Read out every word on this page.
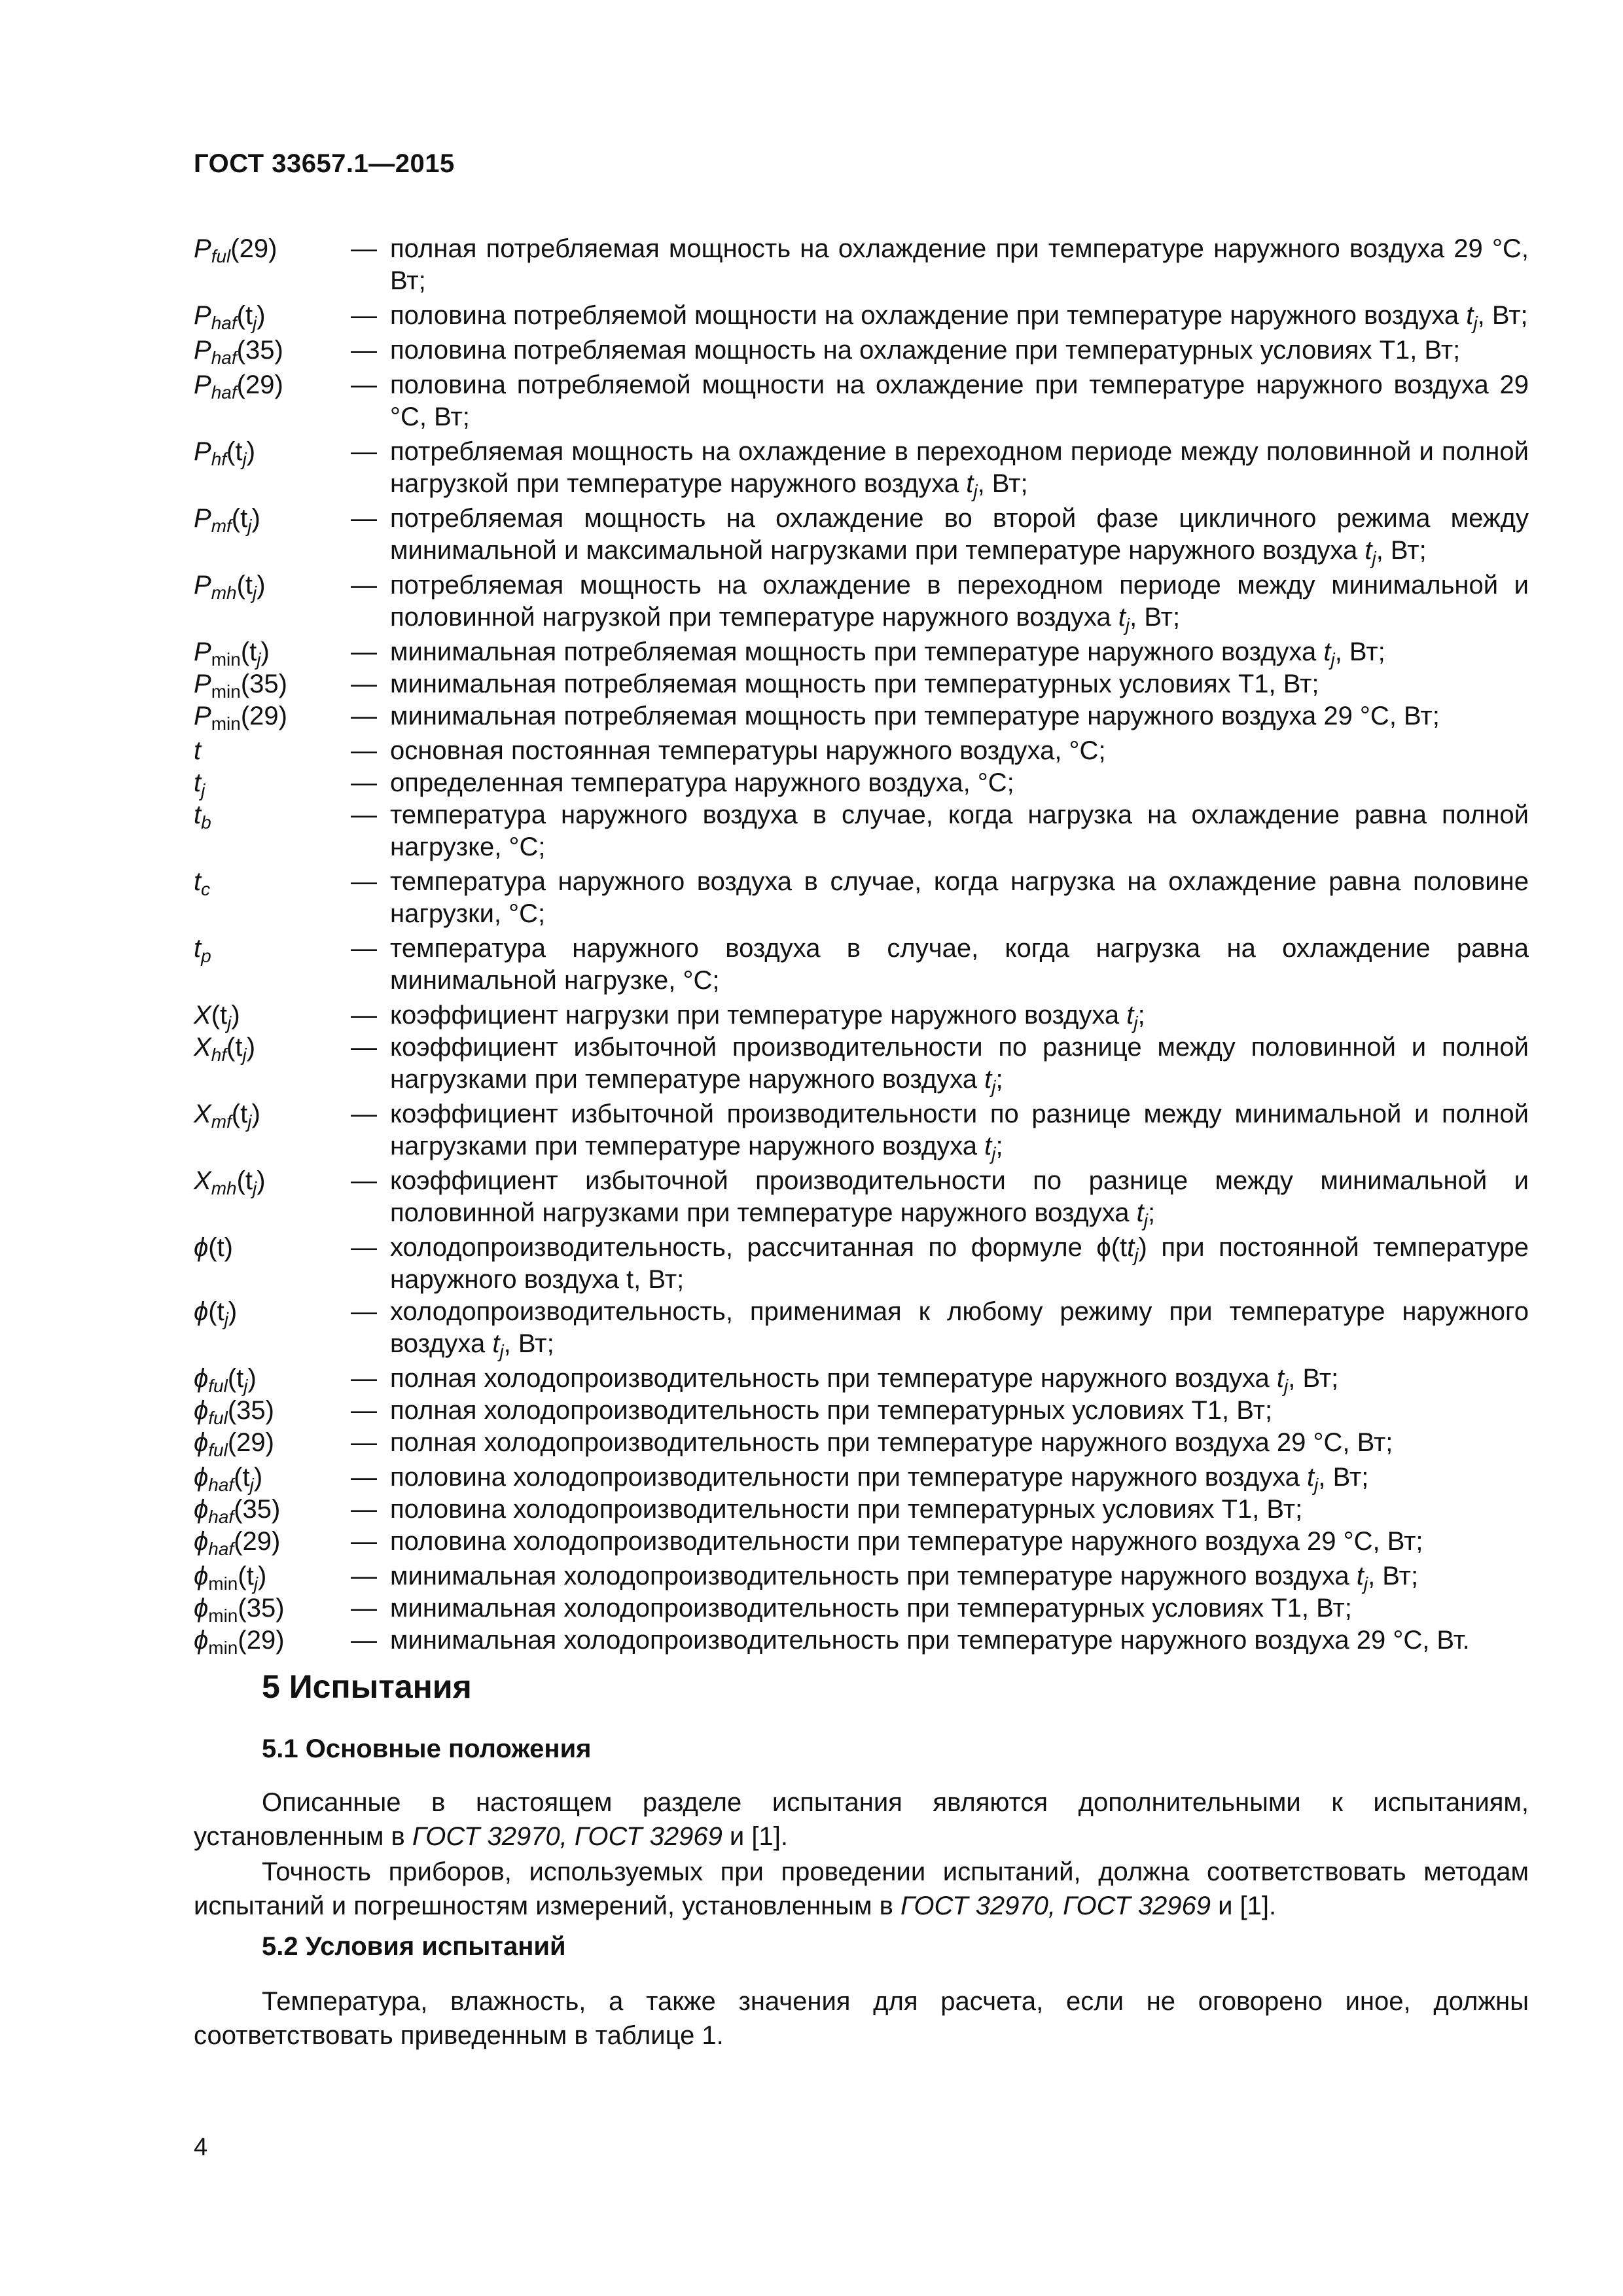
ГОСТ 33657.1—2015
$P_{ful}(29)$	— полная потребляемая мощность на охлаждение при температуре наружного воздуха 29 °С, Вт;
$P_{haf}(t_j)$	— половина потребляемой мощности на охлаждение при температуре наружного воздуха $t_j$, Вт;
$P_{haf}(35)$	— половина потребляемая мощность на охлаждение при температурных условиях Т1, Вт;
$P_{haf}(29)$	— половина потребляемой мощности на охлаждение при температуре наружного воздуха 29 °С, Вт;
$P_{hf}(t_j)$	— потребляемая мощность на охлаждение в переходном периоде между половинной и полной нагрузкой при температуре наружного воздуха $t_j$, Вт;
$P_{mf}(t_j)$	— потребляемая мощность на охлаждение во второй фазе цикличного режима между минимальной и максимальной нагрузками при температуре наружного воздуха $t_j$, Вт;
$P_{mh}(t_j)$	— потребляемая мощность на охлаждение в переходном периоде между минимальной и половинной нагрузкой при температуре наружного воздуха $t_j$, Вт;
$P_{min}(t_j)$	— минимальная потребляемая мощность при температуре наружного воздуха $t_j$, Вт;
$P_{min}(35)$	— минимальная потребляемая мощность при температурных условиях Т1, Вт;
$P_{min}(29)$	— минимальная потребляемая мощность при температуре наружного воздуха 29 °С, Вт;
t	— основная постоянная температуры наружного воздуха, °С;
$t_j$	— определенная температура наружного воздуха, °С;
$t_b$	— температура наружного воздуха в случае, когда нагрузка на охлаждение равна полной нагрузке, °С;
$t_c$	— температура наружного воздуха в случае, когда нагрузка на охлаждение равна половине нагрузки, °С;
$t_p$	— температура наружного воздуха в случае, когда нагрузка на охлаждение равна минимальной нагрузке, °С;
$X(t_j)$	— коэффициент нагрузки при температуре наружного воздуха $t_j$;
$X_{hf}(t_j)$	— коэффициент избыточной производительности по разнице между половинной и полной нагрузками при температуре наружного воздуха $t_j$;
$X_{mf}(t_j)$	— коэффициент избыточной производительности по разнице между минимальной и полной нагрузками при температуре наружного воздуха $t_j$;
$X_{mh}(t_j)$	— коэффициент избыточной производительности по разнице между минимальной и половинной нагрузками при температуре наружного воздуха $t_j$;
ϕ(t)	— холодопроизводительность, рассчитанная по формуле $\phi(tt_j)$ при постоянной температуре наружного воздуха t, Вт;
$\phi(t_j)$	— холодопроизводительность, применимая к любому режиму при температуре наружного воздуха $t_j$, Вт;
$\phi_{ful}(t_j)$	— полная холодопроизводительность при температуре наружного воздуха $t_j$, Вт;
$\phi_{ful}(35)$	— полная холодопроизводительность при температурных условиях Т1, Вт;
$\phi_{ful}(29)$	— полная холодопроизводительность при температуре наружного воздуха 29 °С, Вт;
$\phi_{haf}(t_j)$	— половина холодопроизводительности при температуре наружного воздуха $t_j$, Вт;
$\phi_{haf}(35)$	— половина холодопроизводительности при температурных условиях Т1, Вт;
$\phi_{haf}(29)$	— половина холодопроизводительности при температуре наружного воздуха 29 °С, Вт;
$\phi_{min}(t_j)$	— минимальная холодопроизводительность при температуре наружного воздуха $t_j$, Вт;
$\phi_{min}(35)$	— минимальная холодопроизводительность при температурных условиях Т1, Вт;
$\phi_{min}(29)$	— минимальная холодопроизводительность при температуре наружного воздуха 29 °С, Вт.
5 Испытания
5.1 Основные положения
Описанные в настоящем разделе испытания являются дополнительными к испытаниям, установленным в ГОСТ 32970, ГОСТ 32969 и [1].
Точность приборов, используемых при проведении испытаний, должна соответствовать методам испытаний и погрешностям измерений, установленным в ГОСТ 32970, ГОСТ 32969 и [1].
5.2 Условия испытаний
Температура, влажность, а также значения для расчета, если не оговорено иное, должны соответствовать приведенным в таблице 1.
4
